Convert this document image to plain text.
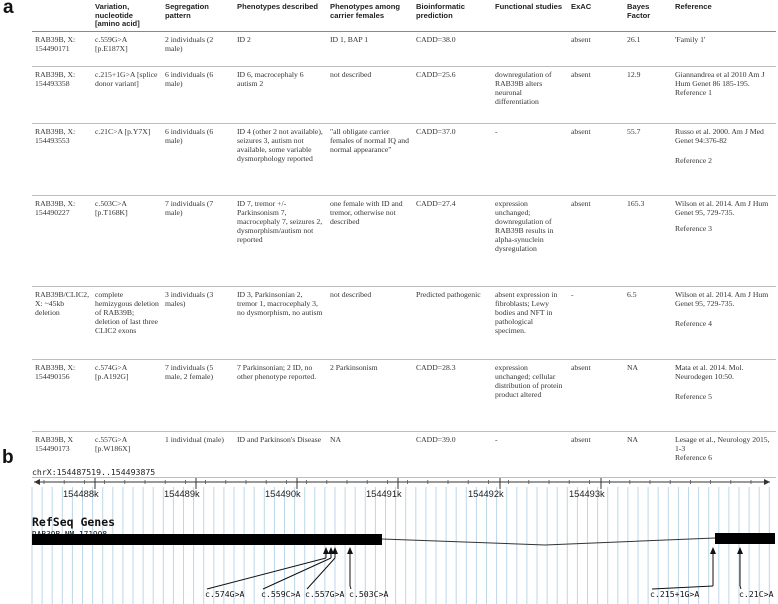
a
		Variation, nucleotide [amino acid]	Segregation pattern	Phenotypes described	Phenotypes among carrier females	Bioinformatic prediction	Functional studies	ExAC	Bayes Factor	Reference
RAB39B, X: 154490171	c.559G>A [p.E187X]	2 individuals (2 male)	ID 2	ID 1, BAP 1	CADD=38.0		absent	26.1	'Family 1'
RAB39B, X: 154493358	c.215+1G>A [splice donor variant]	6 individuals (6 male)	ID 6, macrocephaly 6 autism 2	not described	CADD=25.6	downregulation of RAB39B alters neuronal differentiation	absent	12.9	Giannandrea et al 2010 Am J Hum Genet 86 185-195.
Reference 1
RAB39B, X: 154493553	c.21C>A [p.Y7X]	6 individuals (6 male)	ID 4 (other 2 not available), seizures 3, autism not available, some variable dysmorphology reported	"all obligate carrier females of normal IQ and normal appearance"	CADD=37.0	-	absent	55.7	Russo et al. 2000. Am J Med Genet 94:376-82
Reference 2
RAB39B, X: 154490227	c.503C>A [p.T168K]	7 individuals (7 male)	ID 7, tremor +/- Parkinsonism 7, macrocephaly 7, seizures 2, dysmorphism/autism not reported	one female with ID and tremor, otherwise not described	CADD=27.4	expression unchanged; downregulation of RAB39B results in alpha-synuclein dysregulation	absent	165.3	Wilson et al. 2014. Am J Hum Genet 95, 729-735.
Reference 3
RAB39B/CLIC2, X: ~45kb deletion	complete hemizygous deletion of RAB39B; deletion of last three CLIC2 exons	3 individuals (3 males)	ID 3, Parkinsonian 2, tremor 1, macrocephaly 3, no dysmorphism, no autism	not described	Predicted pathogenic	absent expression in fibroblasts; Lewy bodies and NFT in pathological specimen.	-	6.5	Wilson et al. 2014. Am J Hum Genet 95, 729-735.
Reference 4
RAB39B, X: 154490156	c.574G>A [p.A192G]	7 individuals (5 male, 2 female)	7 Parkinsonian; 2 ID, no other phenotype reported.	2 Parkinsonism	CADD=28.3	expression unchanged; cellular distribution of protein product altered	absent	NA	Mata et al. 2014. Mol. Neurodegen 10:50.
Reference 5
RAB39B, X 154490173	c.557G>A [p.W186X]	1 individual (male)	ID and Parkinson's Disease	NA	CADD=39.0	-	absent	NA	Lesage et al., Neurology 2015, 1-3
Reference 6
b
chrX:154487519..154493875
154488k	154489k	154490k	154491k	154492k	154493k
RefSeq Genes
c.574G>A c.559C>A c.557G>A c.503C>A	c.215+1G>A	c.21C>A
